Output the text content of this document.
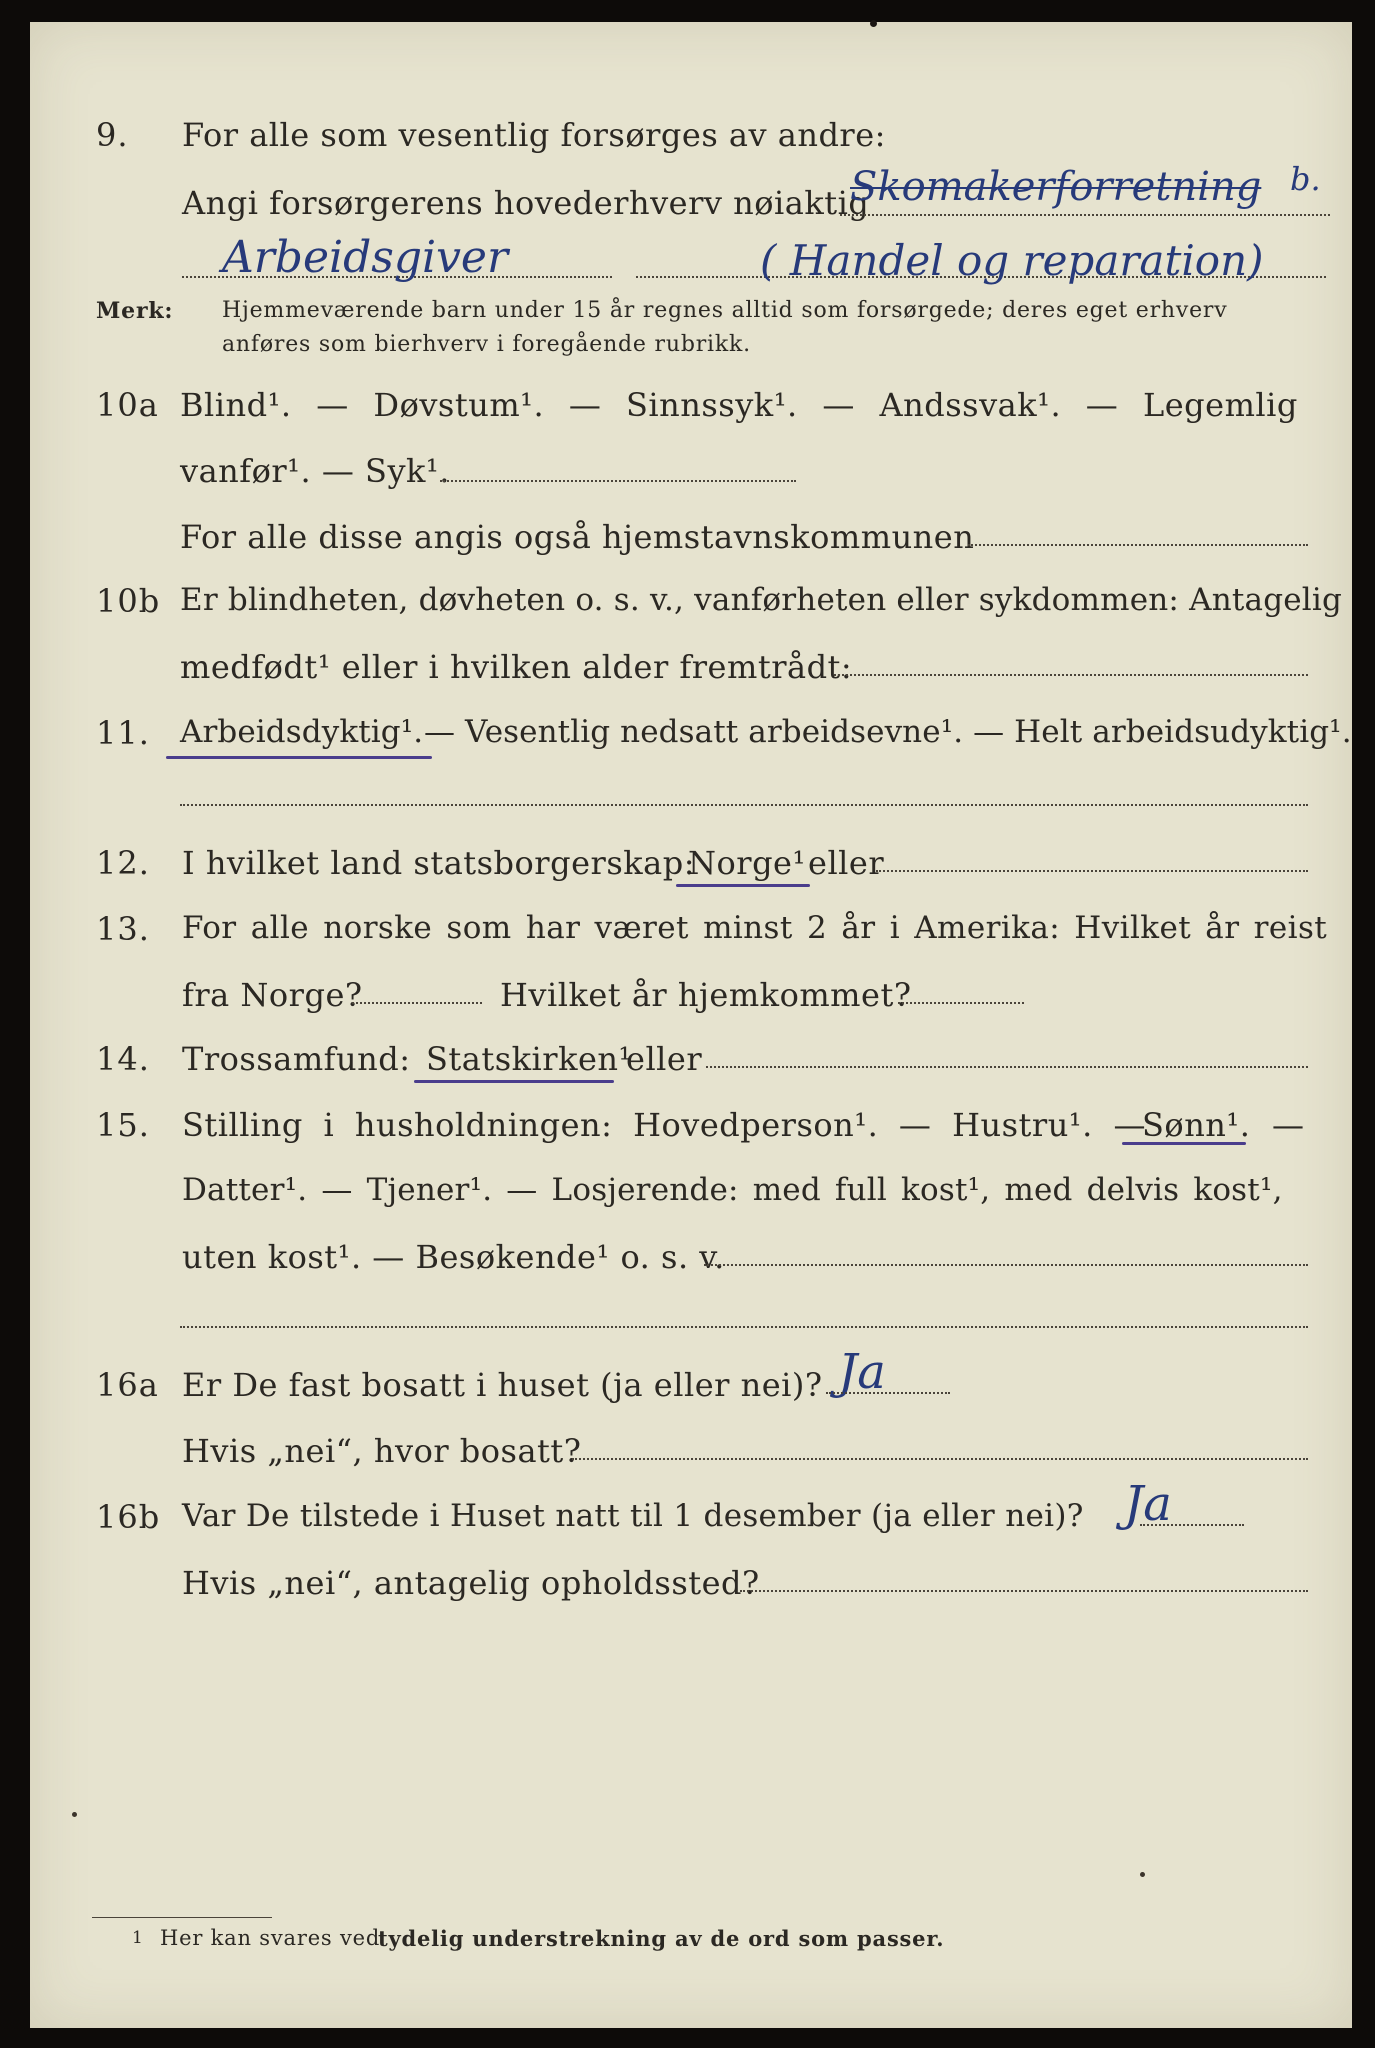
9. For alle som vesentlig forsørges av andre:
Angi forsørgerens hovederhverv nøiaktig
Skomakerforretning b.
Arbeidsgiver	( Handel og reparation)
Merk: Hjemmeværende barn under 15 år regnes alltid som forsørgede; deres eget erhverv
anføres som bierhverv i foregående rubrikk.
10a Blind¹. — Døvstum¹. — Sinnssyk¹. — Andssvak¹. — Legemlig
vanfør¹. — Syk¹.
For alle disse angis også hjemstavnskommunen
10b Er blindheten, døvheten o. s. v., vanførheten eller sykdommen: Antagelig
medfødt¹ eller i hvilken alder fremtrådt:
11. Arbeidsdyktig¹. — Vesentlig nedsatt arbeidsevne¹. — Helt arbeidsudyktig¹.
12. I hvilket land statsborgerskap:
Norge¹ eller
13. For alle norske som har været minst 2 år i Amerika: Hvilket år reist
fra Norge?	Hvilket år hjemkommet?
14. Trossamfund: Statskirken¹
eller
15. Stilling i husholdningen: Hovedperson¹. — Hustru¹. —
Sønn¹. —
Datter¹. — Tjener¹. — Losjerende: med full kost¹, med delvis kost¹,
uten kost¹. — Besøkende¹ o. s. v.
16a Er De fast bosatt i huset (ja eller nei)? Ja
Hvis „nei“, hvor bosatt?
16b Var De tilstede i Huset natt til 1 desember (ja eller nei)? Ja
Hvis „nei“, antagelig opholdssted?
1 Her kan svares ved
tydelig understrekning av de ord som passer.
